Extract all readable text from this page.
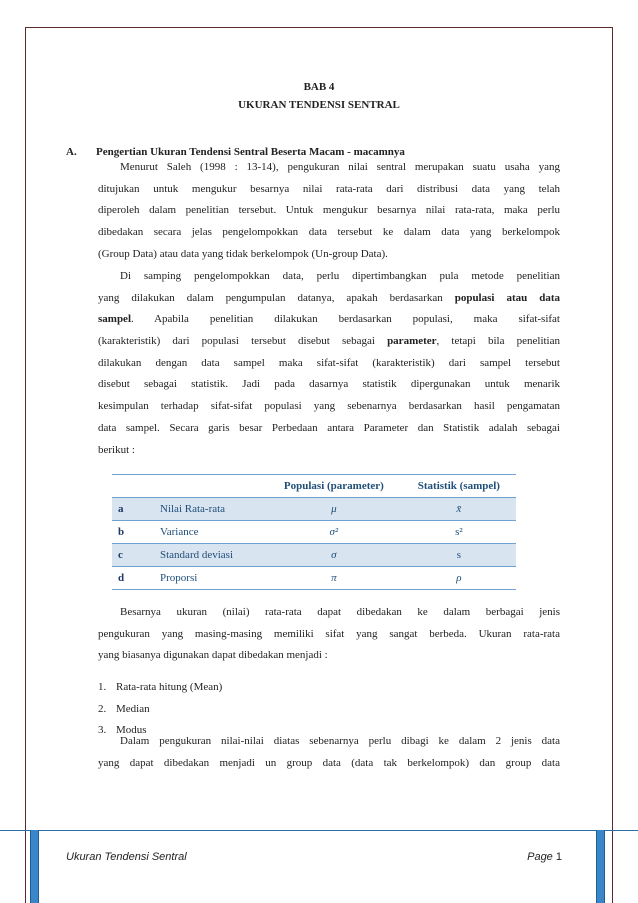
BAB 4
UKURAN TENDENSI SENTRAL
A. Pengertian Ukuran Tendensi Sentral Beserta Macam - macamnya
Menurut Saleh (1998 : 13-14), pengukuran nilai sentral merupakan suatu usaha yang
ditujukan untuk mengukur besarnya nilai rata-rata dari distribusi data yang telah
diperoleh dalam penelitian tersebut. Untuk mengukur besarnya nilai rata-rata, maka perlu
dibedakan secara jelas pengelompokkan data tersebut ke dalam data yang berkelompok
(Group Data) atau data yang tidak berkelompok (Un-group Data).
Di samping pengelompokkan data, perlu dipertimbangkan pula metode penelitian
yang dilakukan dalam pengumpulan datanya, apakah berdasarkan populasi atau data
sampel. Apabila penelitian dilakukan berdasarkan populasi, maka sifat-sifat
(karakteristik) dari populasi tersebut disebut sebagai parameter, tetapi bila penelitian
dilakukan dengan data sampel maka sifat-sifat (karakteristik) dari sampel tersebut
disebut sebagai statistik. Jadi pada dasarnya statistik dipergunakan untuk menarik
kesimpulan terhadap sifat-sifat populasi yang sebenarnya berdasarkan hasil pengamatan
data sampel. Secara garis besar Perbedaan antara Parameter dan Statistik adalah sebagai
berikut :
		Populasi (parameter)	Statistik (sampel)
a	Nilai Rata-rata	μ	x̄
b	Variance	σ²	s²
c	Standard deviasi	σ	s
d	Proporsi	π	ρ
Besarnya ukuran (nilai) rata-rata dapat dibedakan ke dalam berbagai jenis
pengukuran yang masing-masing memiliki sifat yang sangat berbeda. Ukuran rata-rata
yang biasanya digunakan dapat dibedakan menjadi :
1. Rata-rata hitung (Mean)
2. Median
3. Modus
Dalam pengukuran nilai-nilai diatas sebenarnya perlu dibagi ke dalam 2 jenis data
yang dapat dibedakan menjadi un group data (data tak berkelompok) dan group data
Ukuran Tendensi Sentral	Page 1
